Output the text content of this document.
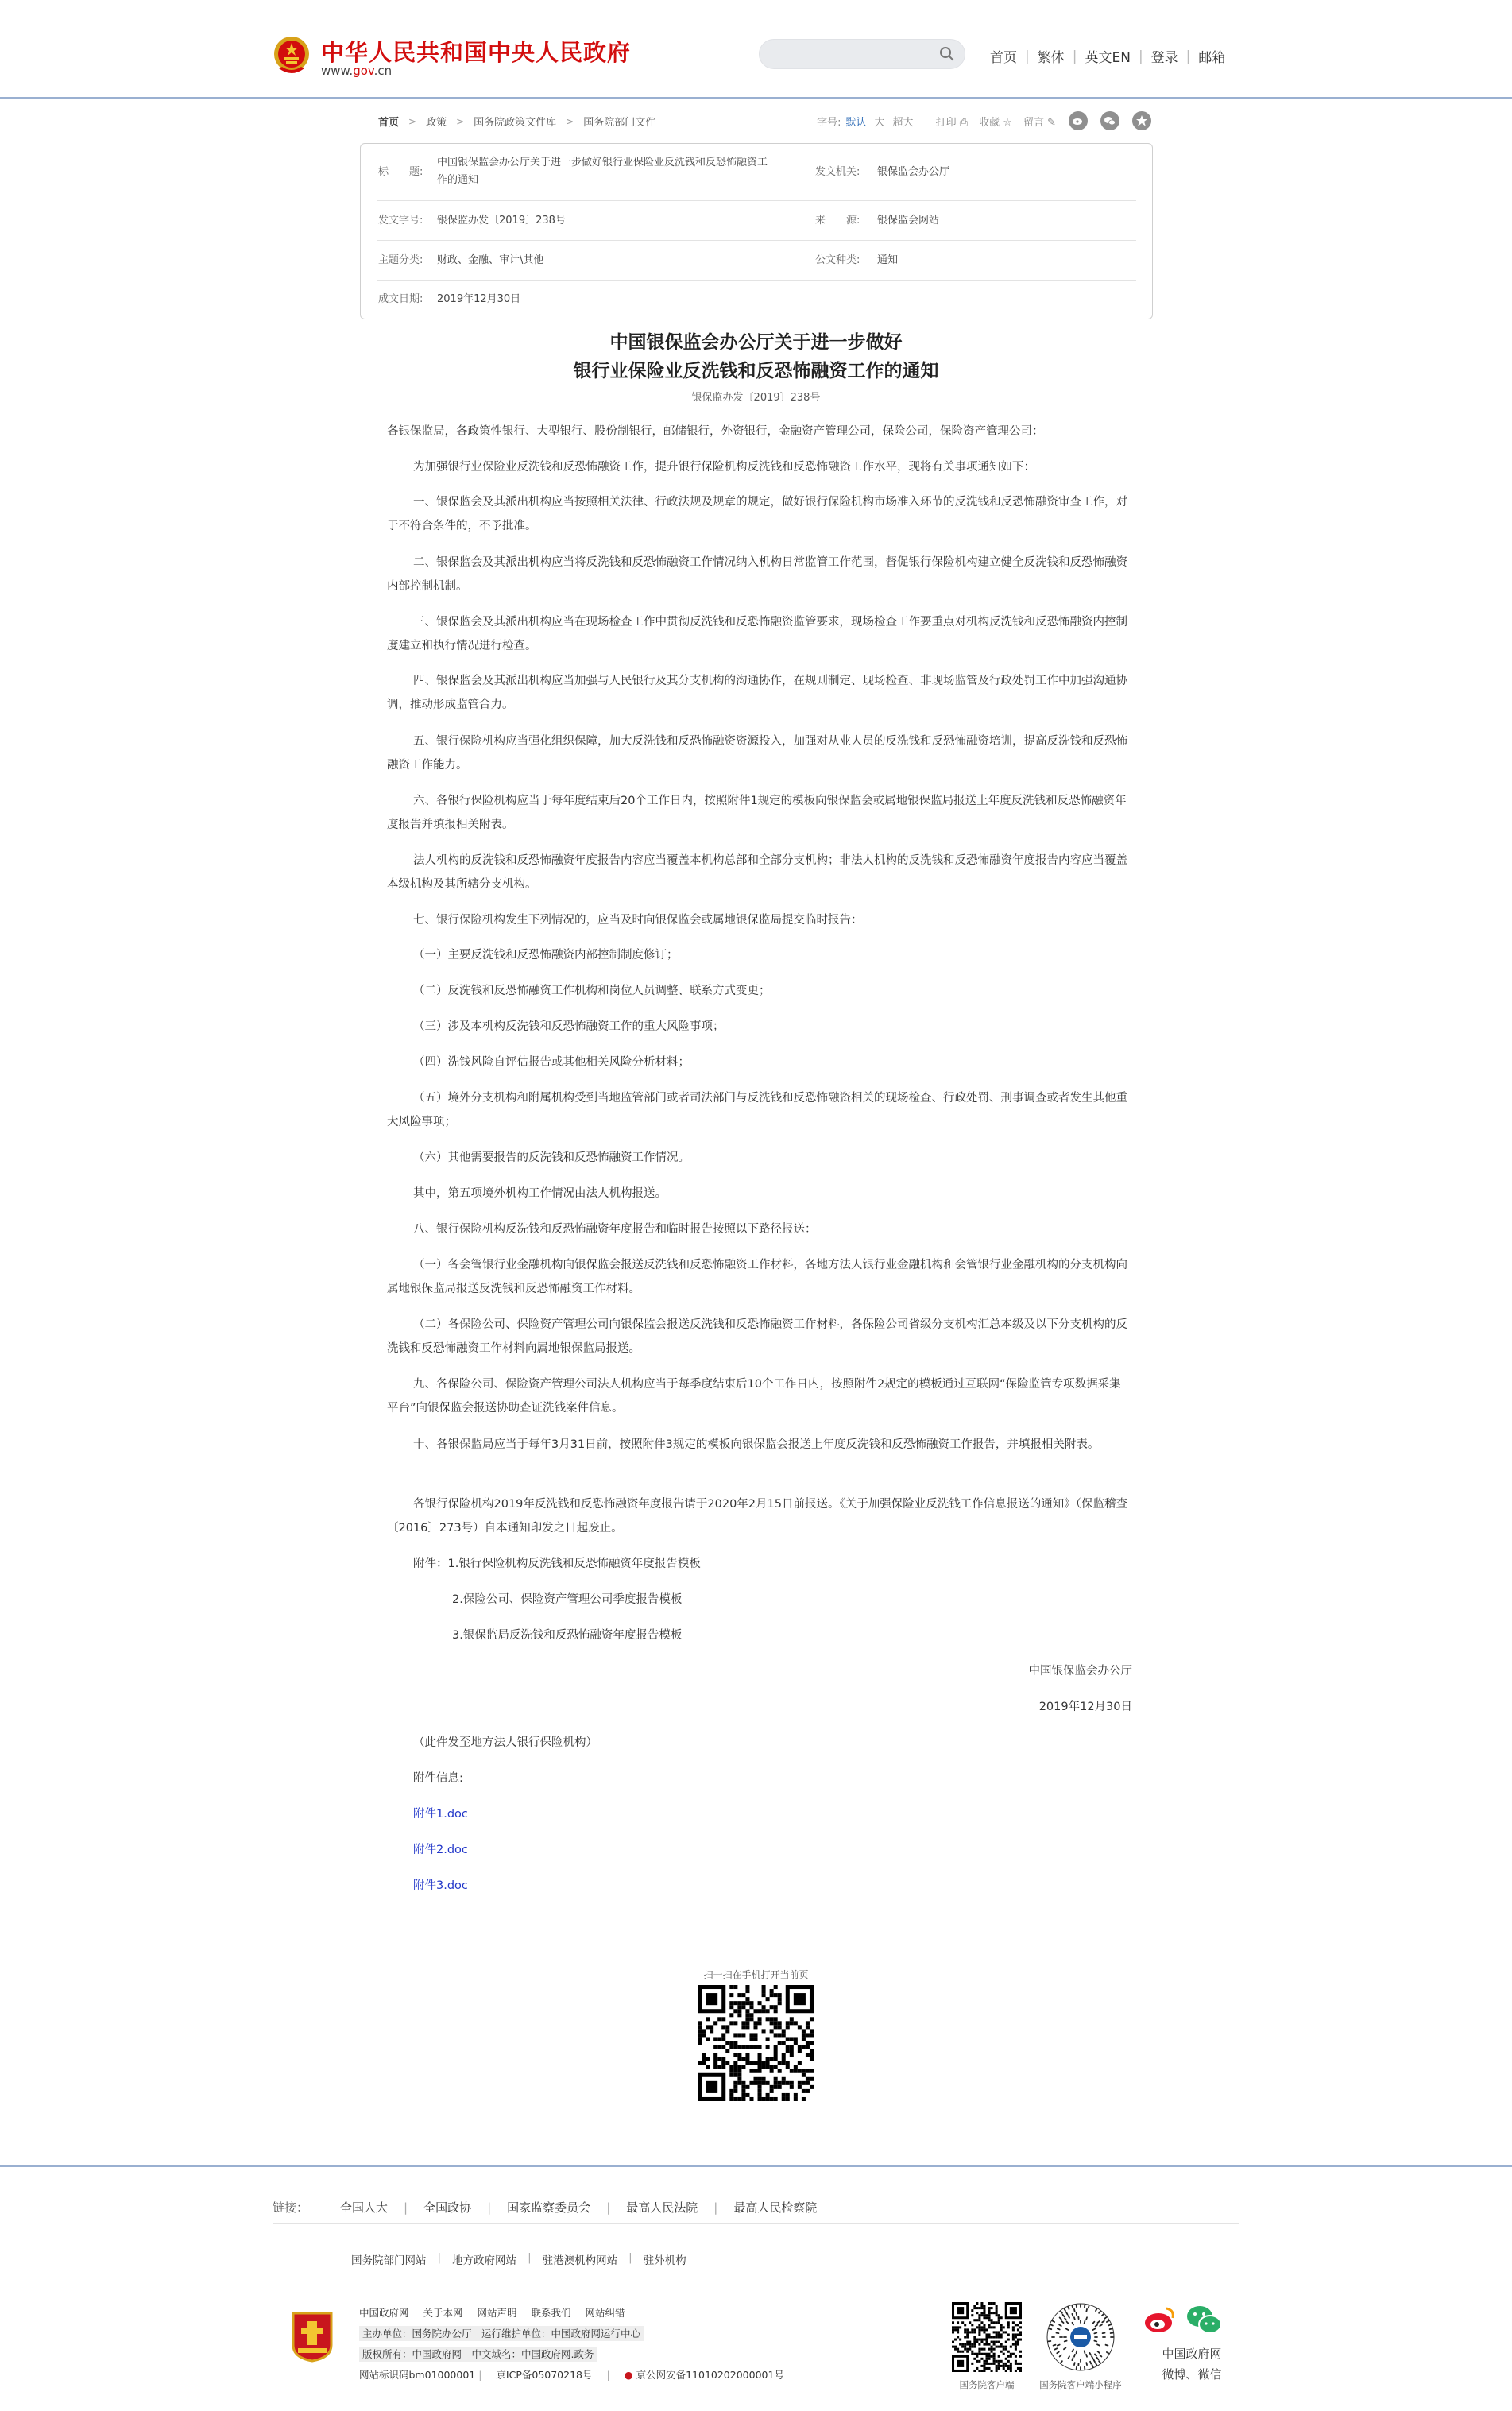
中华人民共和国中央人民政府
www.gov.cn
首页 | 繁体 | 英文EN | 登录 | 邮箱
首页 > 政策 > 国务院政策文件库 > 国务院部门文件	字号: 默认 大 超大 打印 ⎙ 收藏 ☆ 留言 ✎
标　　题:
中国银保监会办公厅关于进一步做好银行业保险业反洗钱和反恐怖融资工
作的通知
发文机关: 银保监会办公厅
发文字号: 银保监办发〔2019〕238号	来　　源: 银保监会网站
主题分类: 财政、金融、审计\其他	公文种类: 通知
成文日期: 2019年12月30日
中国银保监会办公厅关于进一步做好
银行业保险业反洗钱和反恐怖融资工作的通知
银保监办发〔2019〕238号

各银保监局，各政策性银行、大型银行、股份制银行，邮储银行，外资银行，金融资产管理公司，保险公司，保险资产管理公司：

为加强银行业保险业反洗钱和反恐怖融资工作，提升银行保险机构反洗钱和反恐怖融资工作水平，现将有关事项通知如下：

一、银保监会及其派出机构应当按照相关法律、行政法规及规章的规定，做好银行保险机构市场准入环节的反洗钱和反恐怖融资审查工作，对于不符合条件的，不予批准。

二、银保监会及其派出机构应当将反洗钱和反恐怖融资工作情况纳入机构日常监管工作范围，督促银行保险机构建立健全反洗钱和反恐怖融资内部控制机制。

三、银保监会及其派出机构应当在现场检查工作中贯彻反洗钱和反恐怖融资监管要求，现场检查工作要重点对机构反洗钱和反恐怖融资内控制度建立和执行情况进行检查。

四、银保监会及其派出机构应当加强与人民银行及其分支机构的沟通协作，在规则制定、现场检查、非现场监管及行政处罚工作中加强沟通协调，推动形成监管合力。

五、银行保险机构应当强化组织保障，加大反洗钱和反恐怖融资资源投入，加强对从业人员的反洗钱和反恐怖融资培训，提高反洗钱和反恐怖融资工作能力。

六、各银行保险机构应当于每年度结束后20个工作日内，按照附件1规定的模板向银保监会或属地银保监局报送上年度反洗钱和反恐怖融资年度报告并填报相关附表。

法人机构的反洗钱和反恐怖融资年度报告内容应当覆盖本机构总部和全部分支机构；非法人机构的反洗钱和反恐怖融资年度报告内容应当覆盖本级机构及其所辖分支机构。

七、银行保险机构发生下列情况的，应当及时向银保监会或属地银保监局提交临时报告：

（一）主要反洗钱和反恐怖融资内部控制制度修订；

（二）反洗钱和反恐怖融资工作机构和岗位人员调整、联系方式变更；

（三）涉及本机构反洗钱和反恐怖融资工作的重大风险事项；

（四）洗钱风险自评估报告或其他相关风险分析材料；

（五）境外分支机构和附属机构受到当地监管部门或者司法部门与反洗钱和反恐怖融资相关的现场检查、行政处罚、刑事调查或者发生其他重大风险事项；

（六）其他需要报告的反洗钱和反恐怖融资工作情况。

其中，第五项境外机构工作情况由法人机构报送。

八、银行保险机构反洗钱和反恐怖融资年度报告和临时报告按照以下路径报送：

（一）各会管银行业金融机构向银保监会报送反洗钱和反恐怖融资工作材料，各地方法人银行业金融机构和会管银行业金融机构的分支机构向属地银保监局报送反洗钱和反恐怖融资工作材料。

（二）各保险公司、保险资产管理公司向银保监会报送反洗钱和反恐怖融资工作材料，各保险公司省级分支机构汇总本级及以下分支机构的反洗钱和反恐怖融资工作材料向属地银保监局报送。

九、各保险公司、保险资产管理公司法人机构应当于每季度结束后10个工作日内，按照附件2规定的模板通过互联网“保险监管专项数据采集平台”向银保监会报送协助查证洗钱案件信息。

十、各银保监局应当于每年3月31日前，按照附件3规定的模板向银保监会报送上年度反洗钱和反恐怖融资工作报告，并填报相关附表。

各银行保险机构2019年反洗钱和反恐怖融资年度报告请于2020年2月15日前报送。《关于加强保险业反洗钱工作信息报送的通知》（保监稽查〔2016〕273号）自本通知印发之日起废止。

附件：1.银行保险机构反洗钱和反恐怖融资年度报告模板

2.保险公司、保险资产管理公司季度报告模板

3.银保监局反洗钱和反恐怖融资年度报告模板

中国银保监会办公厅

2019年12月30日

（此件发至地方法人银行保险机构）

附件信息:

附件1.doc

附件2.doc

附件3.doc

扫一扫在手机打开当前页
链接：	全国人大	|	全国政协	|	国家监察委员会	|	最高人民法院	|	最高人民检察院
国务院部门网站	|	地方政府网站	|	驻港澳机构网站	|	驻外机构
中国政府网 关于本网 网站声明 联系我们 网站纠错
主办单位：国务院办公厅　运行维护单位：中国政府网运行中心
版权所有：中国政府网　中文域名：中国政府网.政务
网站标识码bm01000001 | 京ICP备05070218号 | ● 京公网安备11010202000001号
国务院客户端	国务院客户端小程序
中国政府网
微博、微信
